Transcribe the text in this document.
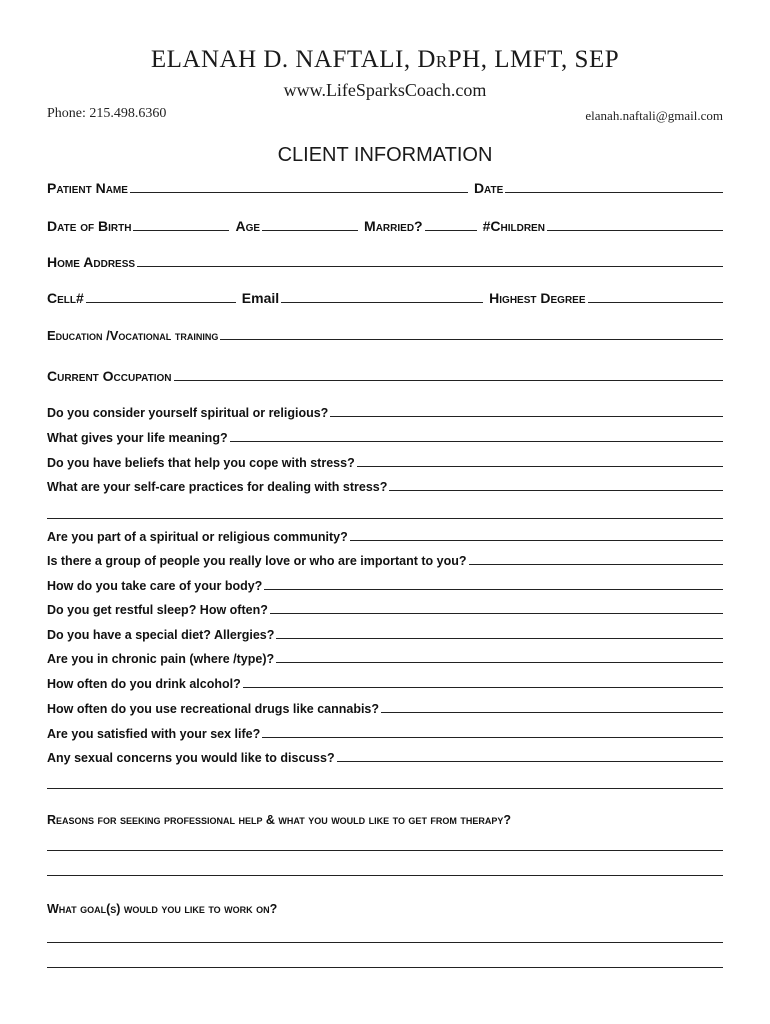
ELANAH D. NAFTALI, DRPH, LMFT, SEP
www.LifeSparksCoach.com
Phone: 215.498.6360	elanah.naftali@gmail.com
CLIENT INFORMATION
Patient Name	Date
Date of Birth	Age	Married?	#Children
Home Address
Cell#	Email	Highest Degree
Education /Vocational training
Current Occupation
Do you consider yourself spiritual or religious?
What gives your life meaning?
Do you have beliefs that help you cope with stress?
What are your self-care practices for dealing with stress?
Are you part of a spiritual or religious community?
Is there a group of people you really love or who are important to you?
How do you take care of your body?
Do you get restful sleep? How often?
Do you have a special diet? Allergies?
Are you in chronic pain (where /type)?
How often do you drink alcohol?
How often do you use recreational drugs like cannabis?
Are you satisfied with your sex life?
Any sexual concerns you would like to discuss?
Reasons for seeking professional help & what you would like to get from therapy?
What goal(s) would you like to work on?
